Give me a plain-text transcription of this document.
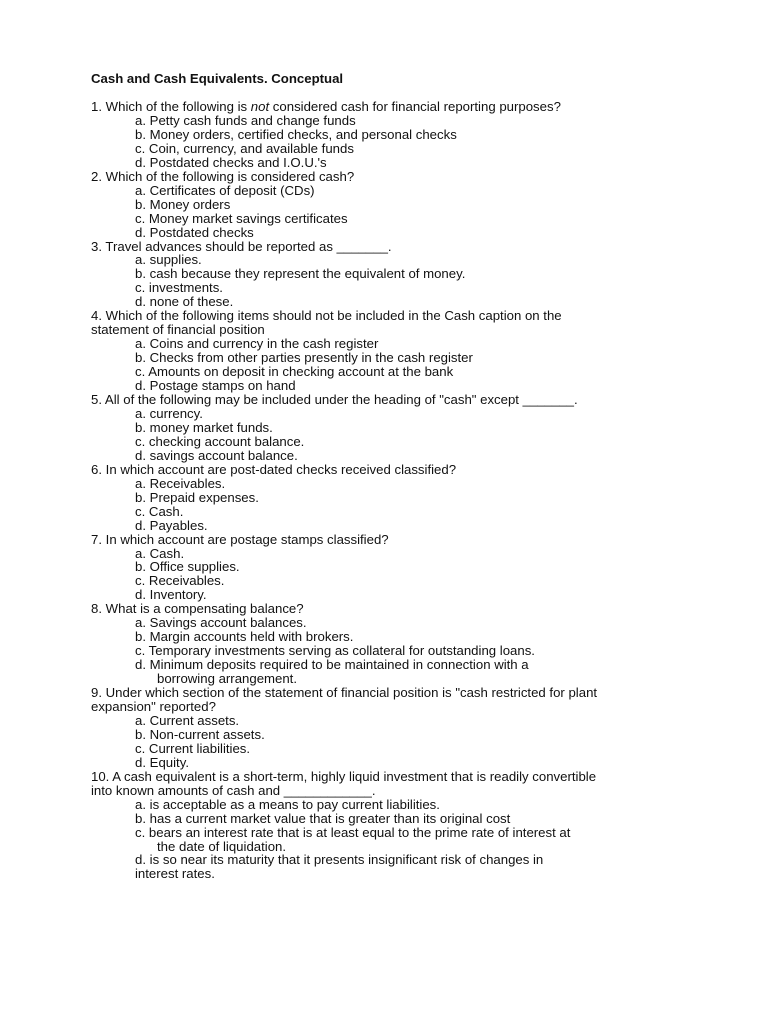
Cash and Cash Equivalents. Conceptual
1. Which of the following is not considered cash for financial reporting purposes?
a. Petty cash funds and change funds
b. Money orders, certified checks, and personal checks
c. Coin, currency, and available funds
d. Postdated checks and I.O.U.'s
2. Which of the following is considered cash?
a. Certificates of deposit (CDs)
b. Money orders
c. Money market savings certificates
d. Postdated checks
3. Travel advances should be reported as _______.
a. supplies.
b. cash because they represent the equivalent of money.
c. investments.
d. none of these.
4. Which of the following items should not be included in the Cash caption on the
statement of financial position
a. Coins and currency in the cash register
b. Checks from other parties presently in the cash register
c. Amounts on deposit in checking account at the bank
d. Postage stamps on hand
5. All of the following may be included under the heading of "cash" except _______.
a. currency.
b. money market funds.
c. checking account balance.
d. savings account balance.
6. In which account are post-dated checks received classified?
a. Receivables.
b. Prepaid expenses.
c. Cash.
d. Payables.
7. In which account are postage stamps classified?
a. Cash.
b. Office supplies.
c. Receivables.
d. Inventory.
8. What is a compensating balance?
a. Savings account balances.
b. Margin accounts held with brokers.
c. Temporary investments serving as collateral for outstanding loans.
d. Minimum deposits required to be maintained in connection with a
borrowing arrangement.
9. Under which section of the statement of financial position is "cash restricted for plant
expansion" reported?
a. Current assets.
b. Non-current assets.
c. Current liabilities.
d. Equity.
10. A cash equivalent is a short-term, highly liquid investment that is readily convertible
into known amounts of cash and ____________.
a. is acceptable as a means to pay current liabilities.
b. has a current market value that is greater than its original cost
c. bears an interest rate that is at least equal to the prime rate of interest at
the date of liquidation.
d. is so near its maturity that it presents insignificant risk of changes in
interest rates.
